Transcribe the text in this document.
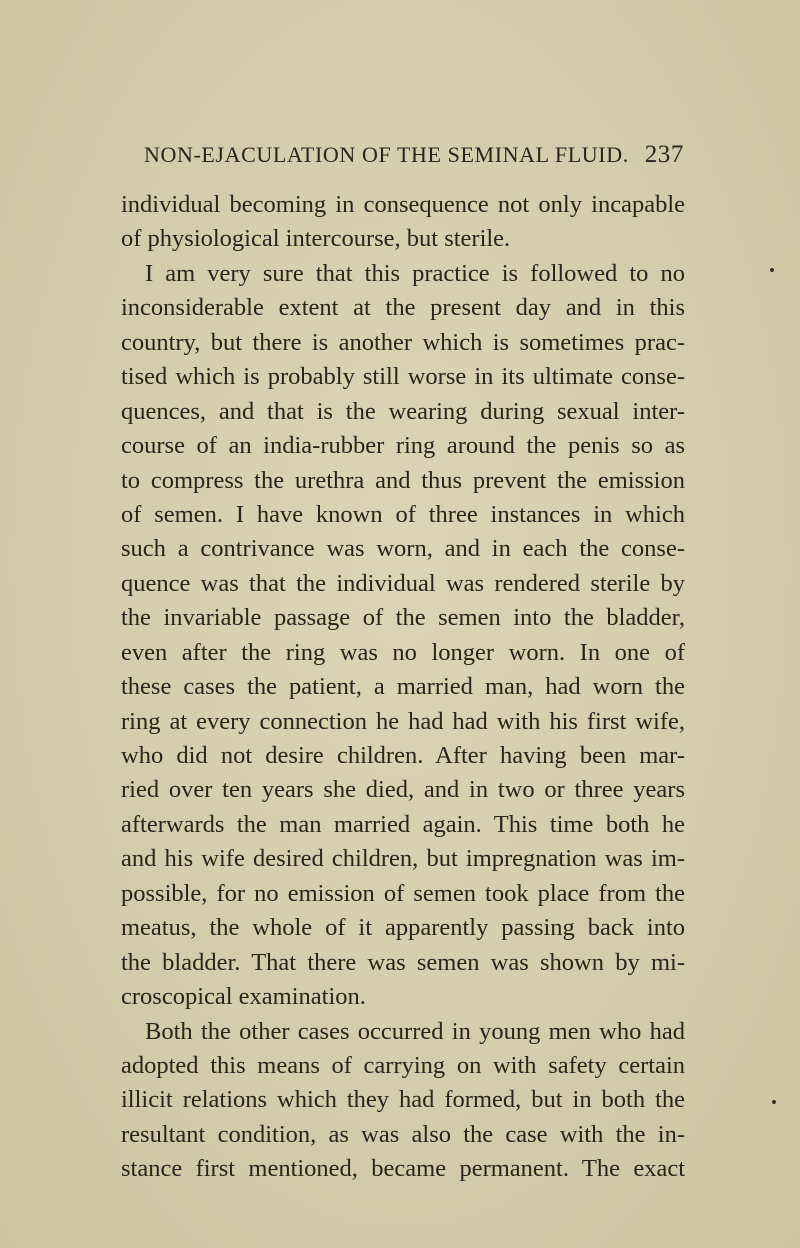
NON-EJACULATION OF THE SEMINAL FLUID. 237
individual becoming in consequence not only incapable
of physiological intercourse, but sterile.
I am very sure that this practice is followed to no
inconsiderable extent at the present day and in this
country, but there is another which is sometimes prac-
tised which is probably still worse in its ultimate conse-
quences, and that is the wearing during sexual inter-
course of an india-rubber ring around the penis so as
to compress the urethra and thus prevent the emission
of semen. I have known of three instances in which
such a contrivance was worn, and in each the conse-
quence was that the individual was rendered sterile by
the invariable passage of the semen into the bladder,
even after the ring was no longer worn. In one of
these cases the patient, a married man, had worn the
ring at every connection he had had with his first wife,
who did not desire children. After having been mar-
ried over ten years she died, and in two or three years
afterwards the man married again. This time both he
and his wife desired children, but impregnation was im-
possible, for no emission of semen took place from the
meatus, the whole of it apparently passing back into
the bladder. That there was semen was shown by mi-
croscopical examination.
Both the other cases occurred in young men who had
adopted this means of carrying on with safety certain
illicit relations which they had formed, but in both the
resultant condition, as was also the case with the in-
stance first mentioned, became permanent. The exact
